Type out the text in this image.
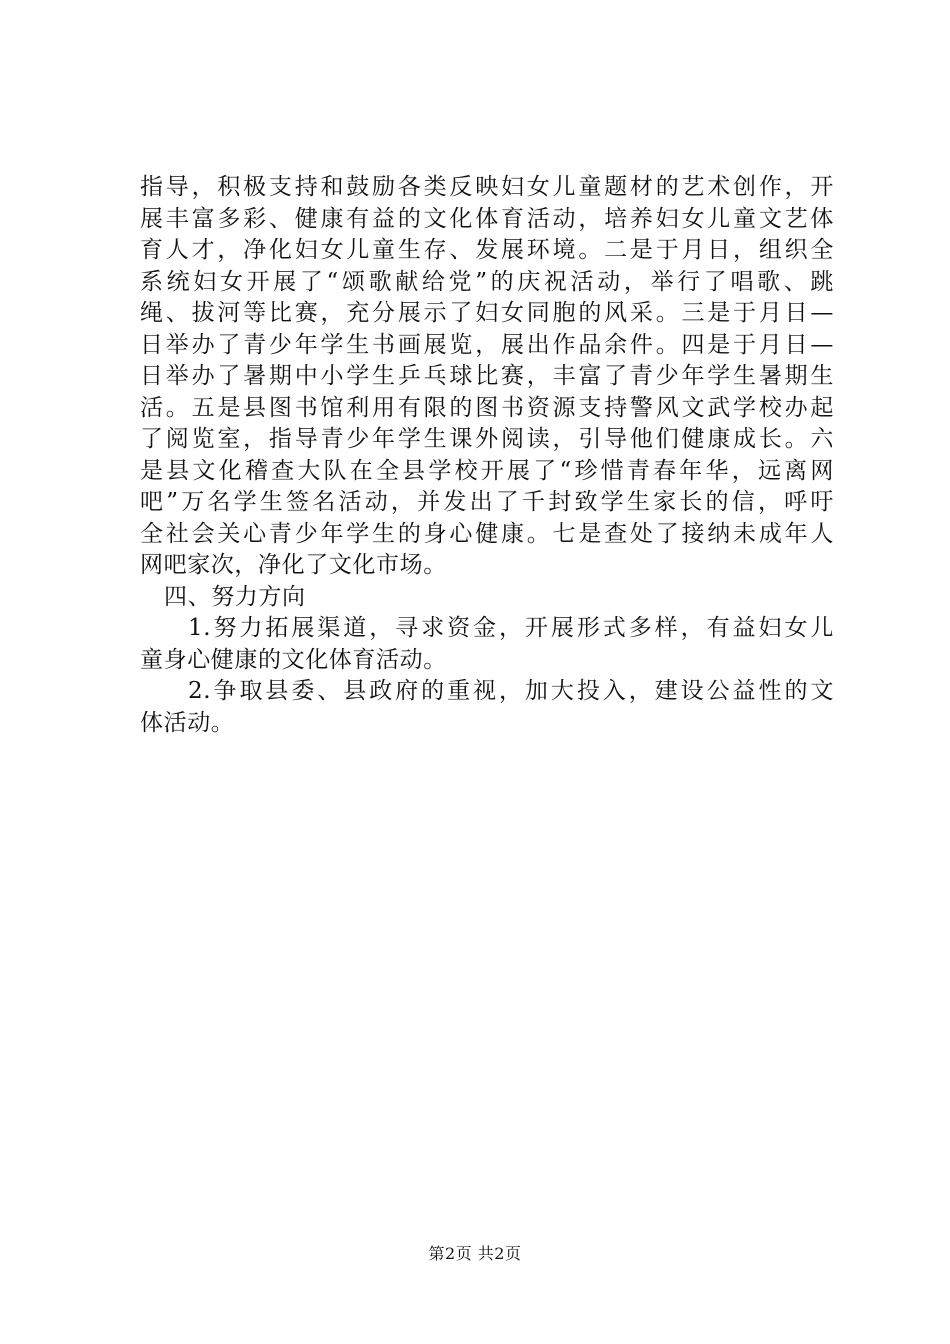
指导，积极支持和鼓励各类反映妇女儿童题材的艺术创作，开
展丰富多彩、健康有益的文化体育活动，培养妇女儿童文艺体
育人才，净化妇女儿童生存、发展环境。二是于月日，组织全
系统妇女开展了“颂歌献给党”的庆祝活动，举行了唱歌、跳
绳、拔河等比赛，充分展示了妇女同胞的风采。三是于月日—
日举办了青少年学生书画展览，展出作品余件。四是于月日—
日举办了暑期中小学生乒乓球比赛，丰富了青少年学生暑期生
活。五是县图书馆利用有限的图书资源支持警风文武学校办起
了阅览室，指导青少年学生课外阅读，引导他们健康成长。六
是县文化稽查大队在全县学校开展了“珍惜青春年华，远离网
吧”万名学生签名活动，并发出了千封致学生家长的信，呼吁
全社会关心青少年学生的身心健康。七是查处了接纳未成年人
网吧家次，净化了文化市场。
四、努力方向
1.努力拓展渠道，寻求资金，开展形式多样，有益妇女儿
童身心健康的文化体育活动。
2.争取县委、县政府的重视，加大投入，建设公益性的文
体活动。
第2页 共2页
